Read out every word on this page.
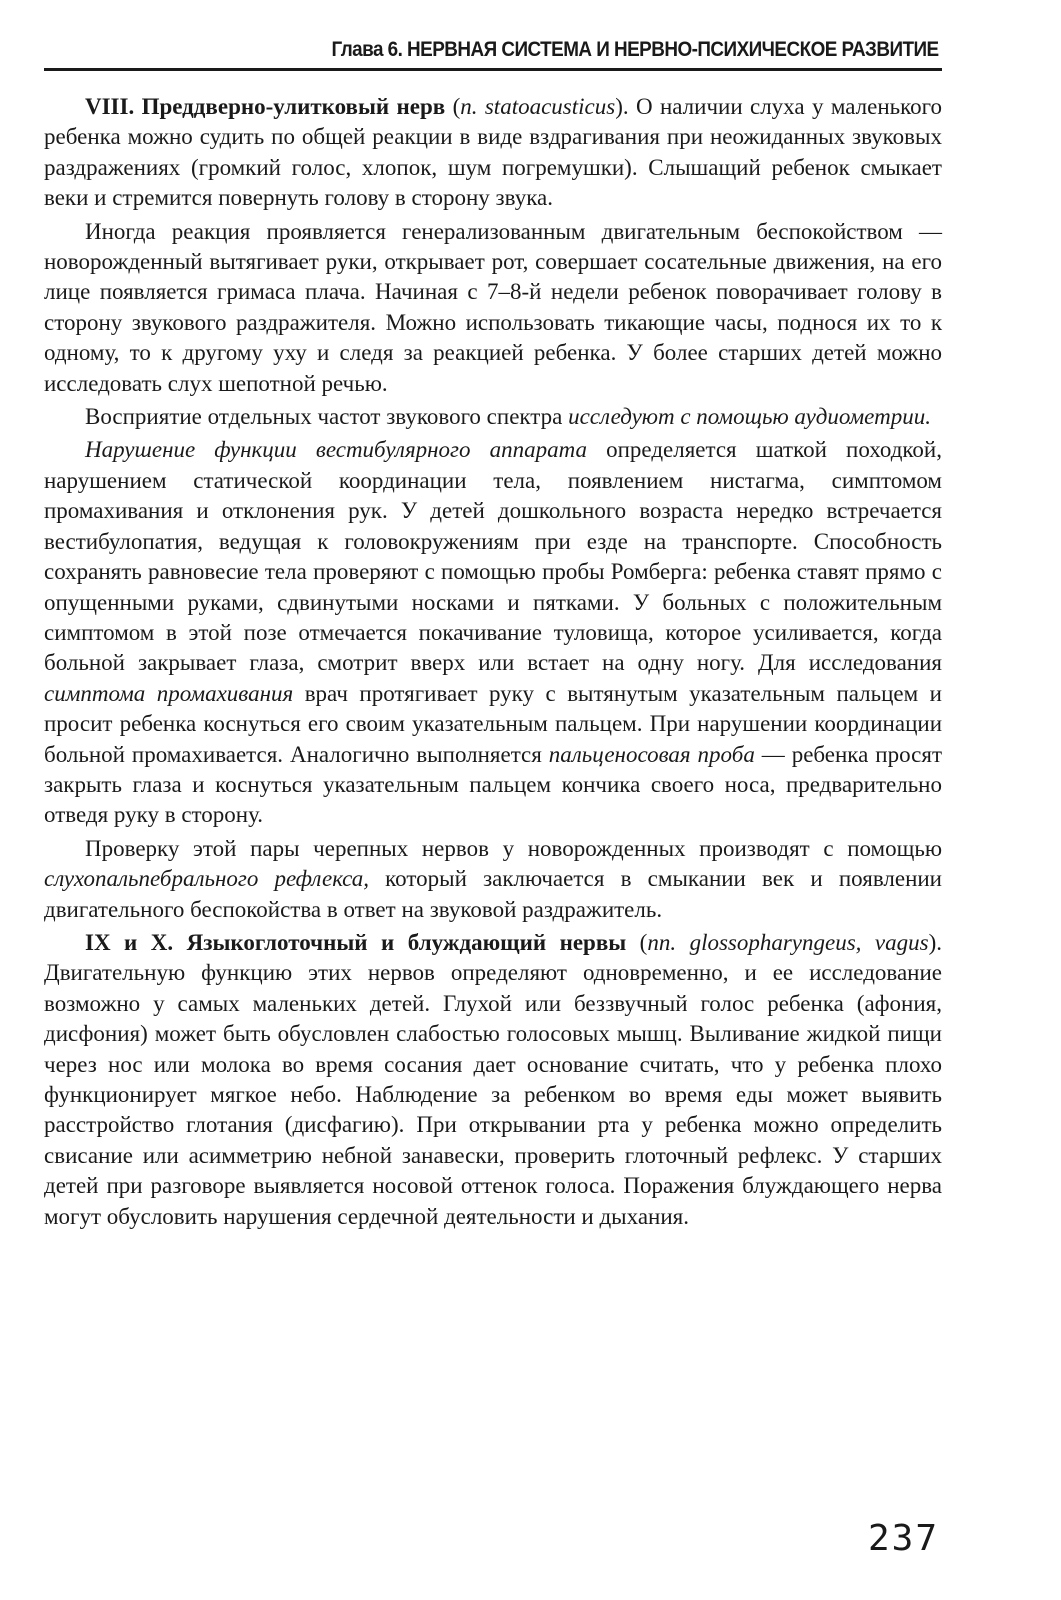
Глава 6. НЕРВНАЯ СИСТЕМА И НЕРВНО-ПСИХИЧЕСКОЕ РАЗВИТИЕ

VIII. Преддверно-улитковый нерв (n. statoacusticus). О наличии слуха у маленького ребенка можно судить по общей реакции в виде вздрагивания при неожиданных звуковых раздражениях (громкий голос, хлопок, шум погремушки). Слышащий ребенок смыкает веки и стремится повернуть голову в сторону звука.

Иногда реакция проявляется генерализованным двигательным беспокойством — новорожденный вытягивает руки, открывает рот, совершает сосательные движения, на его лице появляется гримаса плача. Начиная с 7–8-й недели ребенок поворачивает голову в сторону звукового раздражителя. Можно использовать тикающие часы, поднося их то к одному, то к другому уху и следя за реакцией ребенка. У более старших детей можно исследовать слух шепотной речью.

Восприятие отдельных частот звукового спектра исследуют с помощью аудиометрии.

Нарушение функции вестибулярного аппарата определяется шаткой походкой, нарушением статической координации тела, появлением нистагма, симптомом промахивания и отклонения рук. У детей дошкольного возраста нередко встречается вестибулопатия, ведущая к головокружениям при езде на транспорте. Способность сохранять равновесие тела проверяют с помощью пробы Ромберга: ребенка ставят прямо с опущенными руками, сдвинутыми носками и пятками. У больных с положительным симптомом в этой позе отмечается покачивание туловища, которое усиливается, когда больной закрывает глаза, смотрит вверх или встает на одну ногу. Для исследования симптома промахивания врач протягивает руку с вытянутым указательным пальцем и просит ребенка коснуться его своим указательным пальцем. При нарушении координации больной промахивается. Аналогично выполняется пальценосовая проба — ребенка просят закрыть глаза и коснуться указательным пальцем кончика своего носа, предварительно отведя руку в сторону.

Проверку этой пары черепных нервов у новорожденных производят с помощью слухопальпебрального рефлекса, который заключается в смыкании век и появлении двигательного беспокойства в ответ на звуковой раздражитель.

IX и X. Языкоглоточный и блуждающий нервы (nn. glossopharyngeus, vagus). Двигательную функцию этих нервов определяют одновременно, и ее исследование возможно у самых маленьких детей. Глухой или беззвучный голос ребенка (афония, дисфония) может быть обусловлен слабостью голосовых мышц. Выливание жидкой пищи через нос или молока во время сосания дает основание считать, что у ребенка плохо функционирует мягкое небо. Наблюдение за ребенком во время еды может выявить расстройство глотания (дисфагию). При открывании рта у ребенка можно определить свисание или асимметрию небной занавески, проверить глоточный рефлекс. У старших детей при разговоре выявляется носовой оттенок голоса. Поражения блуждающего нерва могут обусловить нарушения сердечной деятельности и дыхания.

237
